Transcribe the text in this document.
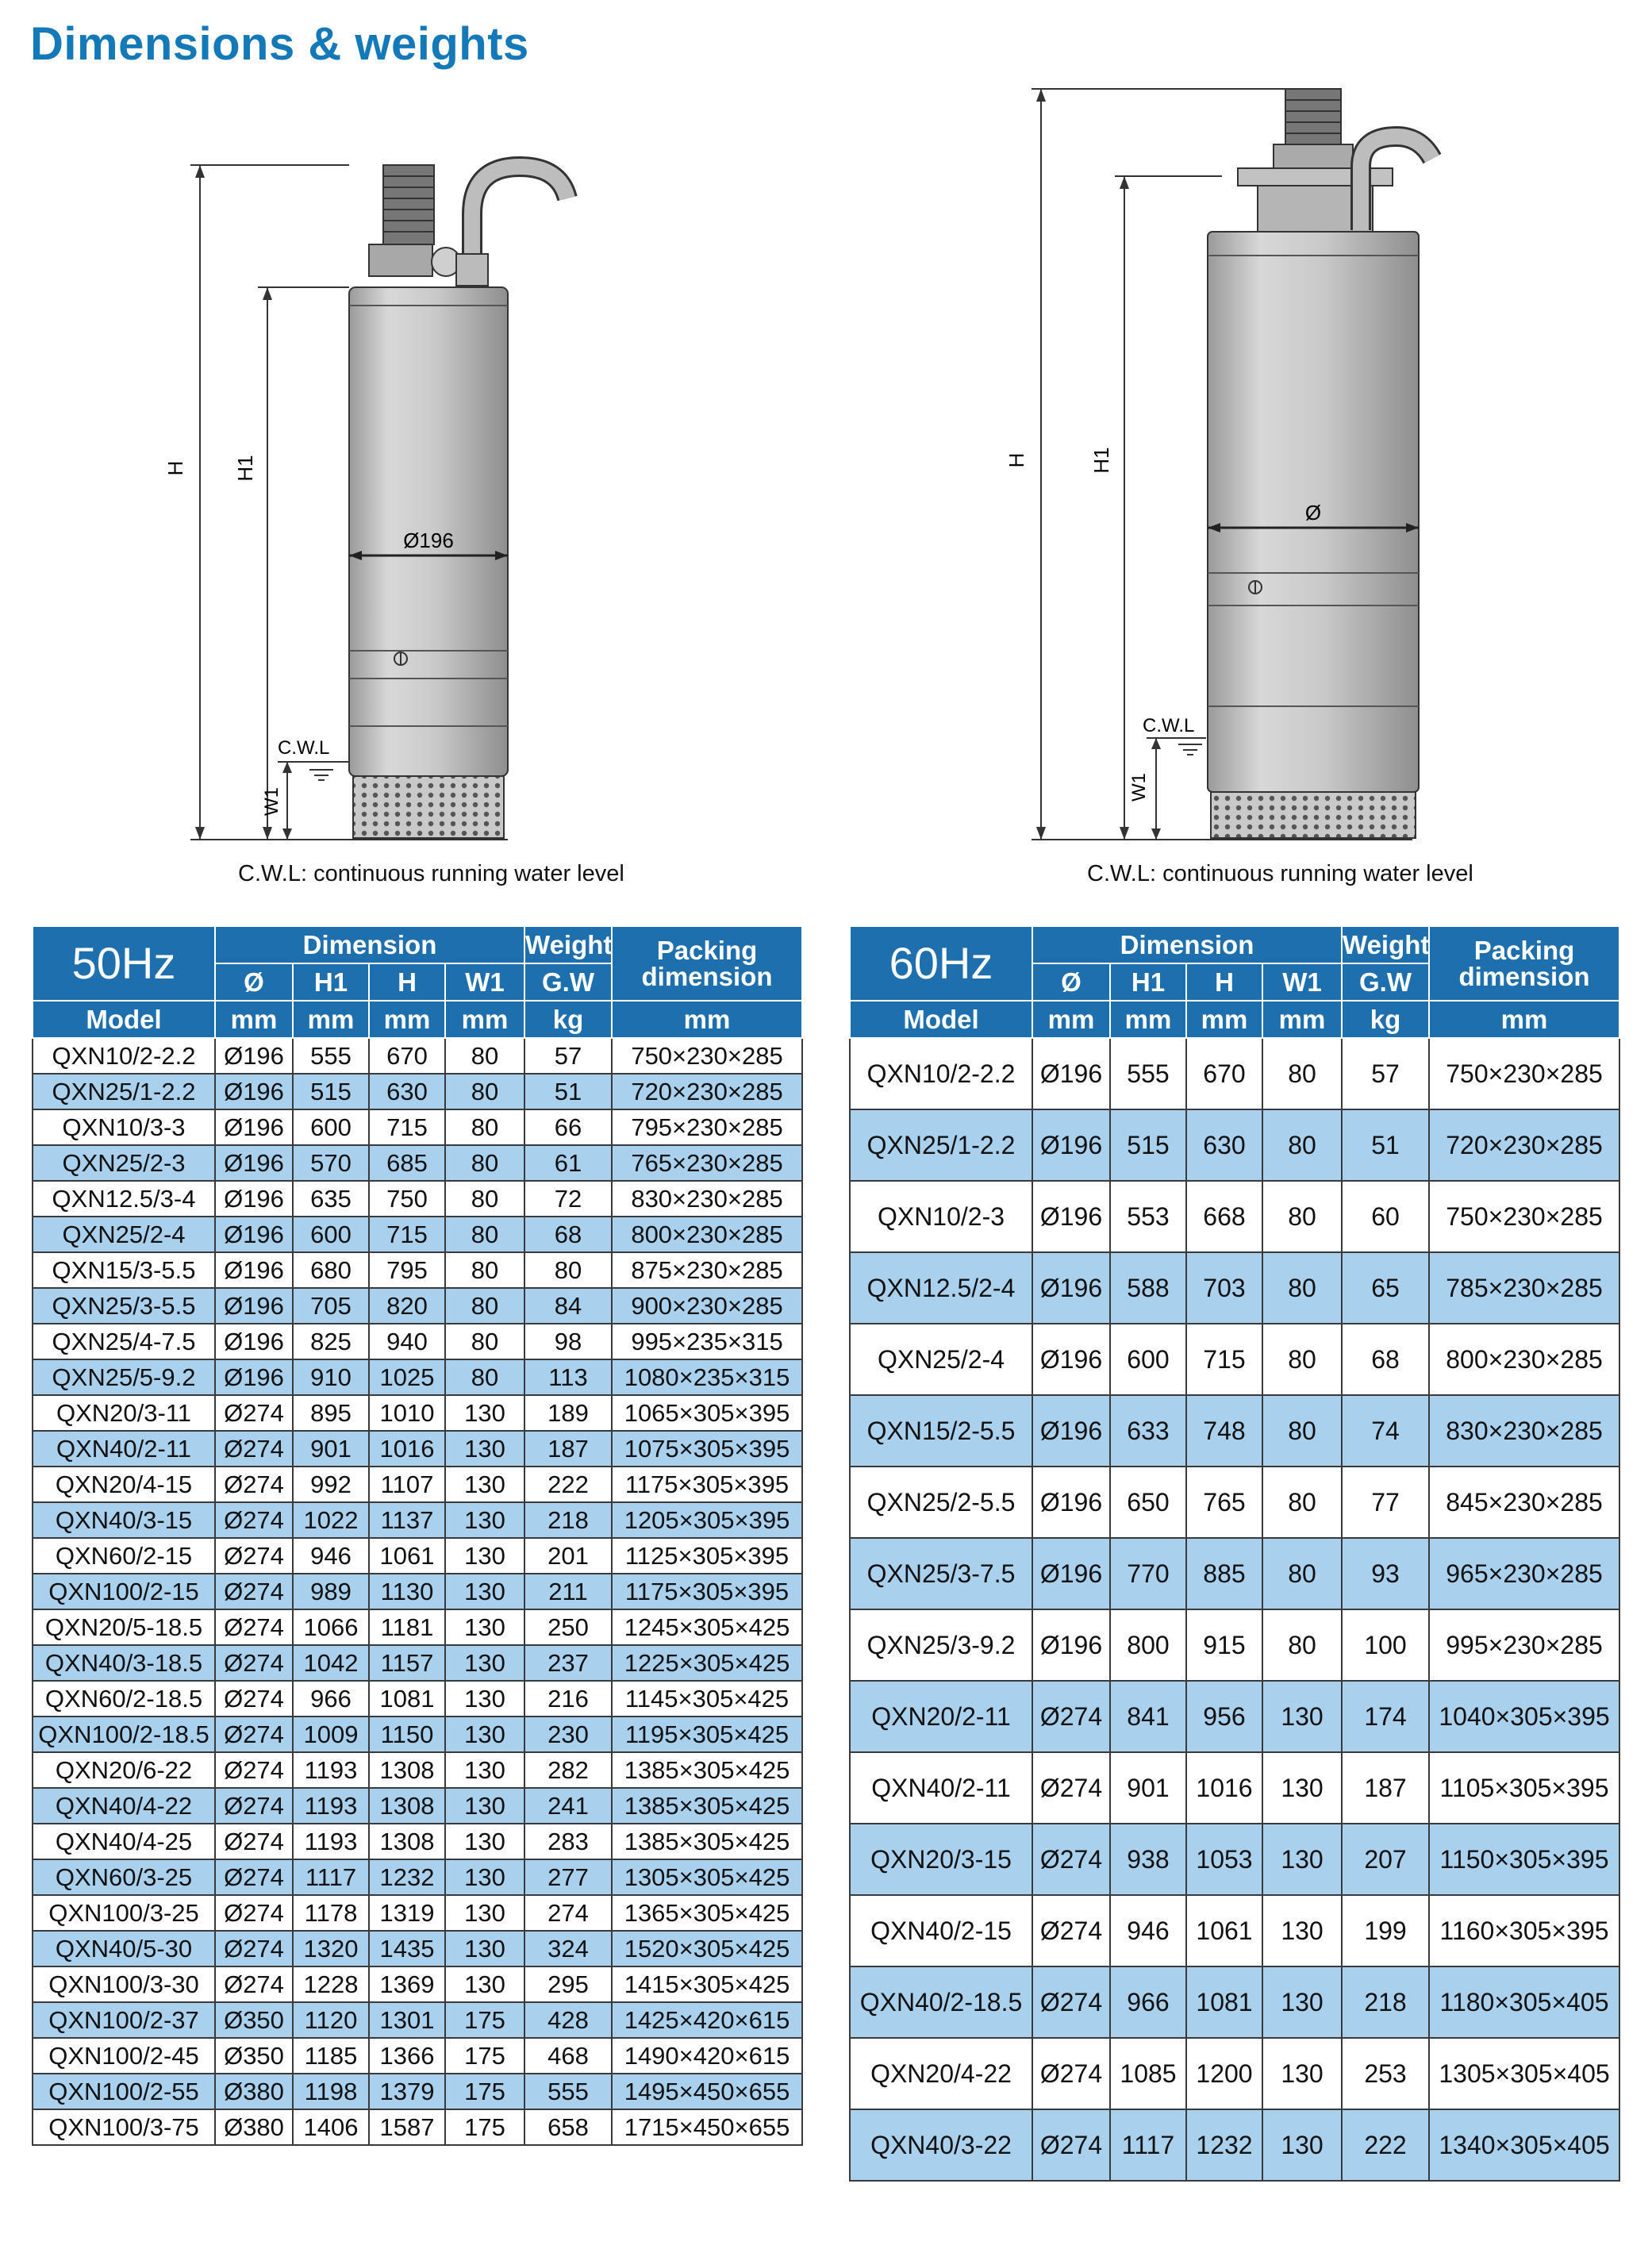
Dimensions & weights
H H1
W1
C.W.L
Ø196
C.W.L: continuous running water level
H	H1
W1
C.W.L
Ø
C.W.L: continuous running water level
50Hz	Dimension				Weight	Packing dimension
	Ø	H1	H	W1	G.W	
Model	mm	mm	mm	mm	kg	mm
QXN10/2-2.2	Ø196	555	670	80	57	750×230×285
QXN25/1-2.2	Ø196	515	630	80	51	720×230×285
QXN10/3-3	Ø196	600	715	80	66	795×230×285
QXN25/2-3	Ø196	570	685	80	61	765×230×285
QXN12.5/3-4	Ø196	635	750	80	72	830×230×285
QXN25/2-4	Ø196	600	715	80	68	800×230×285
QXN15/3-5.5	Ø196	680	795	80	80	875×230×285
QXN25/3-5.5	Ø196	705	820	80	84	900×230×285
QXN25/4-7.5	Ø196	825	940	80	98	995×235×315
QXN25/5-9.2	Ø196	910	1025	80	113	1080×235×315
QXN20/3-11	Ø274	895	1010	130	189	1065×305×395
QXN40/2-11	Ø274	901	1016	130	187	1075×305×395
QXN20/4-15	Ø274	992	1107	130	222	1175×305×395
QXN40/3-15	Ø274	1022	1137	130	218	1205×305×395
QXN60/2-15	Ø274	946	1061	130	201	1125×305×395
QXN100/2-15	Ø274	989	1130	130	211	1175×305×395
QXN20/5-18.5	Ø274	1066	1181	130	250	1245×305×425
QXN40/3-18.5	Ø274	1042	1157	130	237	1225×305×425
QXN60/2-18.5	Ø274	966	1081	130	216	1145×305×425
QXN100/2-18.5	Ø274	1009	1150	130	230	1195×305×425
QXN20/6-22	Ø274	1193	1308	130	282	1385×305×425
QXN40/4-22	Ø274	1193	1308	130	241	1385×305×425
QXN40/4-25	Ø274	1193	1308	130	283	1385×305×425
QXN60/3-25	Ø274	1117	1232	130	277	1305×305×425
QXN100/3-25	Ø274	1178	1319	130	274	1365×305×425
QXN40/5-30	Ø274	1320	1435	130	324	1520×305×425
QXN100/3-30	Ø274	1228	1369	130	295	1415×305×425
QXN100/2-37	Ø350	1120	1301	175	428	1425×420×615
QXN100/2-45	Ø350	1185	1366	175	468	1490×420×615
QXN100/2-55	Ø380	1198	1379	175	555	1495×450×655
QXN100/3-75	Ø380	1406	1587	175	658	1715×450×655
60Hz	Dimension				Weight	Packing dimension
	Ø	H1	H	W1	G.W	
Model	mm	mm	mm	mm	kg	mm
QXN10/2-2.2	Ø196	555	670	80	57	750×230×285
QXN25/1-2.2	Ø196	515	630	80	51	720×230×285
QXN10/2-3	Ø196	553	668	80	60	750×230×285
QXN12.5/2-4	Ø196	588	703	80	65	785×230×285
QXN25/2-4	Ø196	600	715	80	68	800×230×285
QXN15/2-5.5	Ø196	633	748	80	74	830×230×285
QXN25/2-5.5	Ø196	650	765	80	77	845×230×285
QXN25/3-7.5	Ø196	770	885	80	93	965×230×285
QXN25/3-9.2	Ø196	800	915	80	100	995×230×285
QXN20/2-11	Ø274	841	956	130	174	1040×305×395
QXN40/2-11	Ø274	901	1016	130	187	1105×305×395
QXN20/3-15	Ø274	938	1053	130	207	1150×305×395
QXN40/2-15	Ø274	946	1061	130	199	1160×305×395
QXN40/2-18.5	Ø274	966	1081	130	218	1180×305×405
QXN20/4-22	Ø274	1085	1200	130	253	1305×305×405
QXN40/3-22	Ø274	1117	1232	130	222	1340×305×405
